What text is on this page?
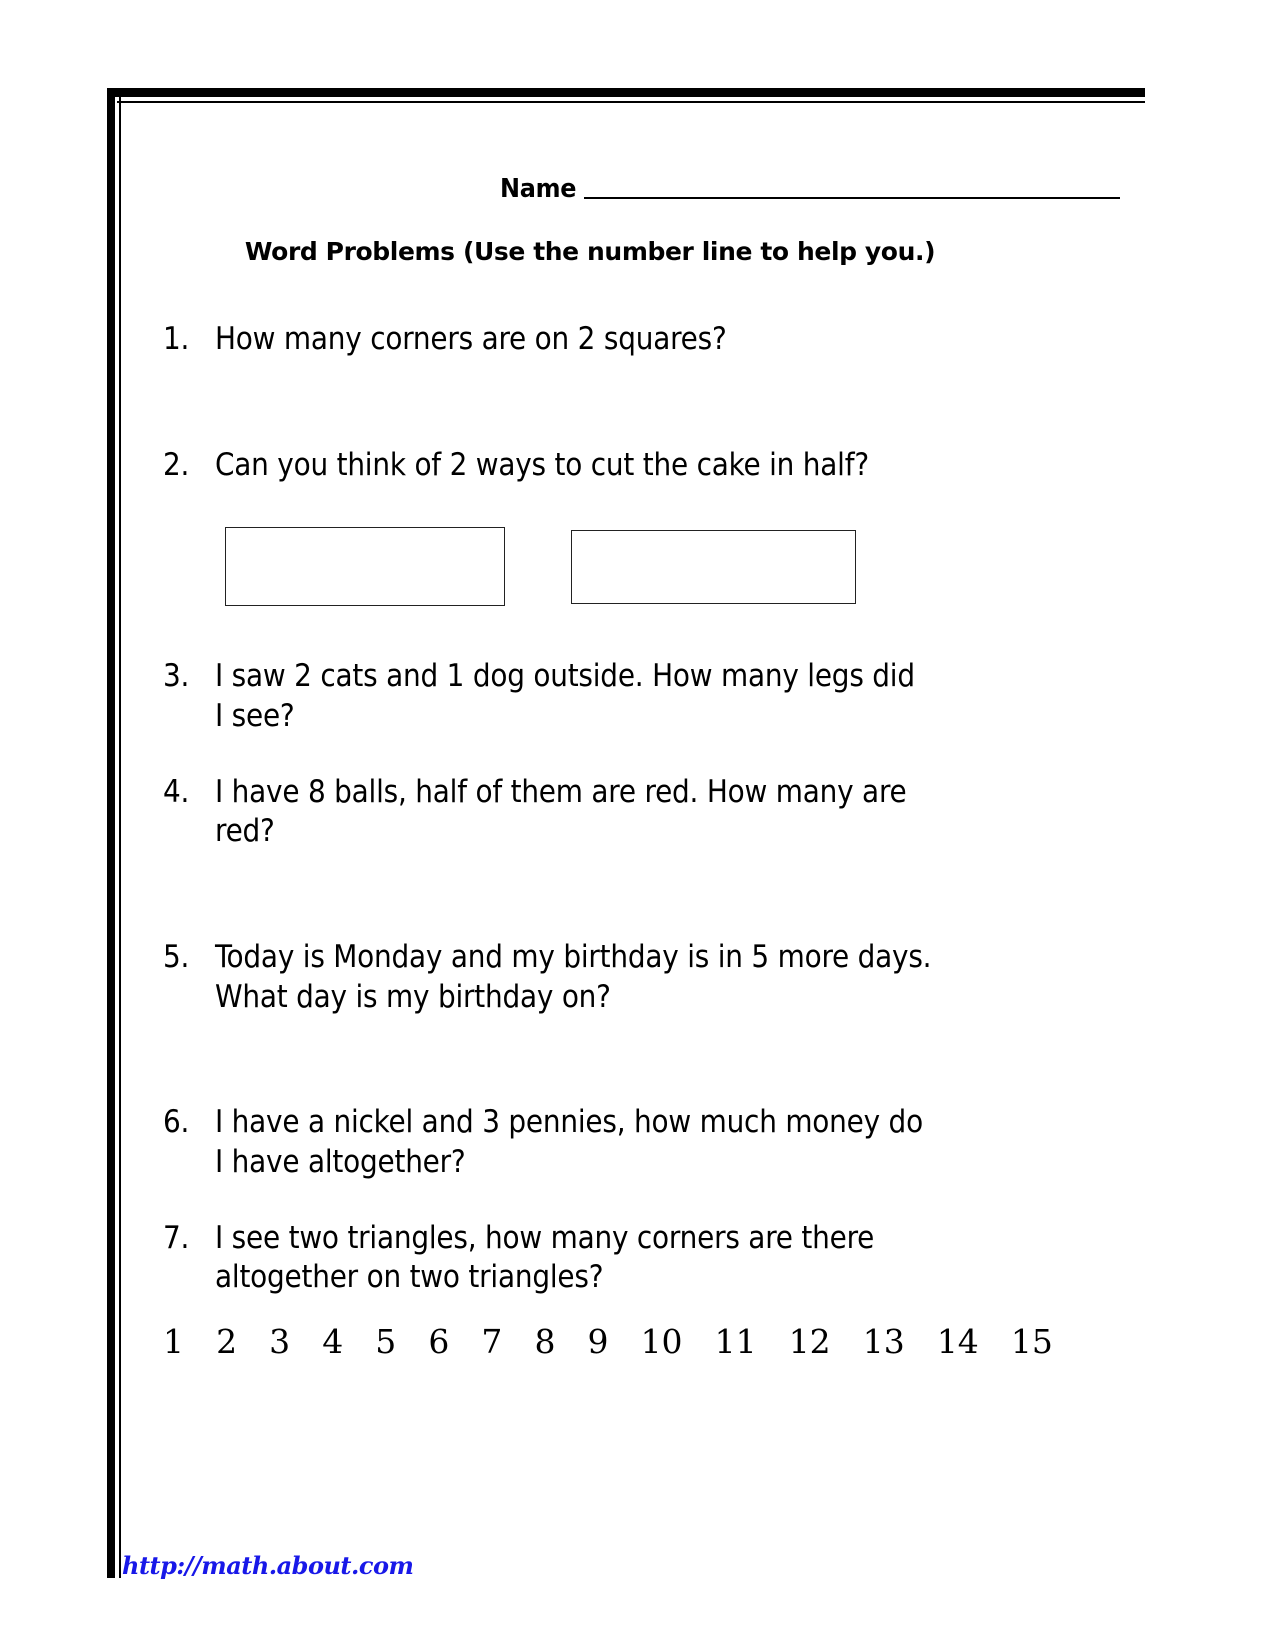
Name
Word Problems (Use the number line to help you.)
1. How many corners are on 2 squares?
2. Can you think of 2 ways to cut the cake in half?
3. I saw 2 cats and 1 dog outside. How many legs did
I see?
4. I have 8 balls, half of them are red. How many are
red?
5. Today is Monday and my birthday is in 5 more days.
What day is my birthday on?
6. I have a nickel and 3 pennies, how much money do
I have altogether?
7. I see two triangles, how many corners are there
altogether on two triangles?
1 2 3 4 5 6 7 8 9 10 11 12 13 14 15
http://math.about.com
